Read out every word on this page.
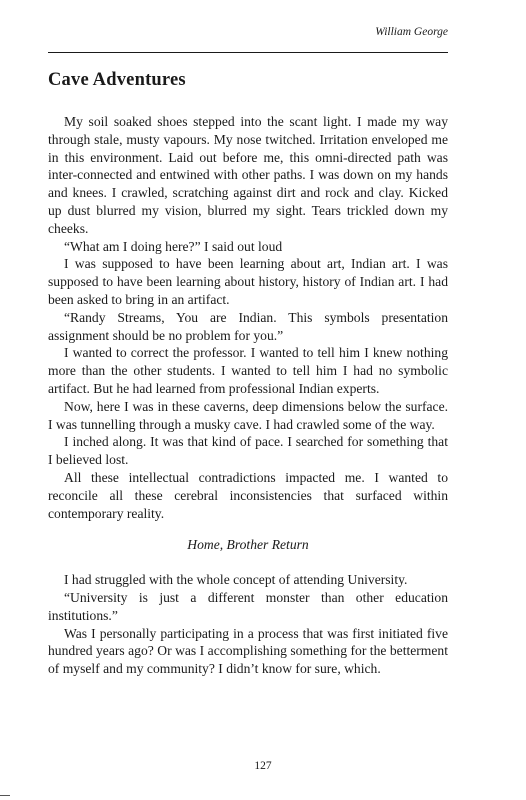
William George
Cave Adventures

My soil soaked shoes stepped into the scant light. I made my way through stale, musty vapours. My nose twitched. Irritation enveloped me in this environment. Laid out before me, this omni-directed path was inter-connected and entwined with other paths. I was down on my hands and knees. I crawled, scratching against dirt and rock and clay. Kicked up dust blurred my vision, blurred my sight. Tears trickled down my cheeks.

“What am I doing here?” I said out loud

I was supposed to have been learning about art, Indian art. I was supposed to have been learning about history, history of Indian art. I had been asked to bring in an artifact.

“Randy Streams, You are Indian. This symbols presentation assignment should be no problem for you.”

I wanted to correct the professor. I wanted to tell him I knew nothing more than the other students. I wanted to tell him I had no symbolic artifact. But he had learned from professional Indian experts.

Now, here I was in these caverns, deep dimensions below the surface. I was tunnelling through a musky cave. I had crawled some of the way.

I inched along. It was that kind of pace. I searched for something that I believed lost.

All these intellectual contradictions impacted me. I wanted to reconcile all these cerebral inconsistencies that surfaced within contemporary reality.

Home, Brother Return

I had struggled with the whole concept of attending University.

“University is just a different monster than other education institutions.”

Was I personally participating in a process that was first initiated five hundred years ago? Or was I accomplishing something for the betterment of myself and my community? I didn’t know for sure, which.

127
